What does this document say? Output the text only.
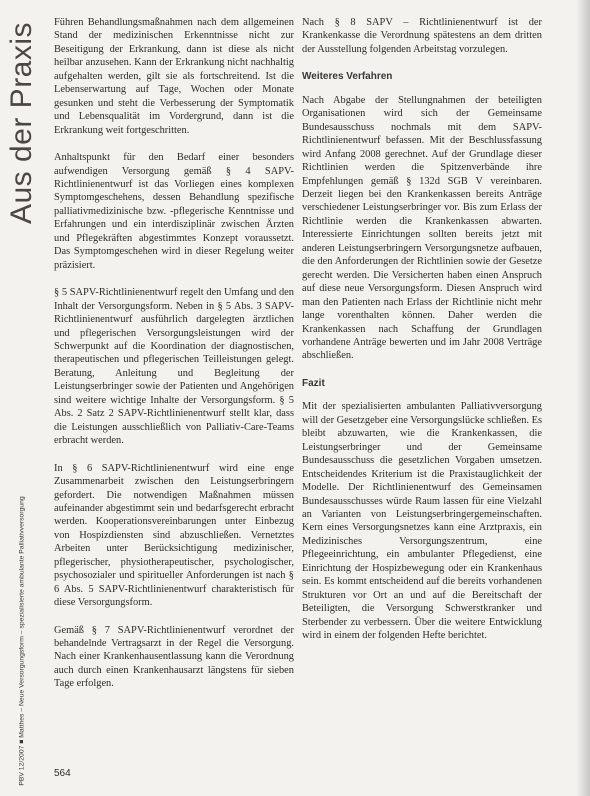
Aus der Praxis
PBV 12/2007 ■ Matthes – Neue Versorgungsform – spezialisierte ambulante Palliativversorgung

Führen Behandlungsmaßnahmen nach dem allgemeinen Stand der medizinischen Erkenntnisse nicht zur Beseitigung der Erkrankung, dann ist diese als nicht heilbar anzusehen. Kann der Erkrankung nicht nachhaltig aufgehalten werden, gilt sie als fortschreitend. Ist die Lebenserwartung auf Tage, Wochen oder Monate gesunken und steht die Verbesserung der Symptomatik und Lebensqualität im Vordergrund, dann ist die Erkrankung weit fortgeschritten.

Anhaltspunkt für den Bedarf einer besonders aufwendigen Versorgung gemäß § 4 SAPV-Richtlinienentwurf ist das Vorliegen eines komplexen Symptomgeschehens, dessen Behandlung spezifische palliativmedizinische bzw. -pflegerische Kenntnisse und Erfahrungen und ein interdisziplinär zwischen Ärzten und Pflegekräften abgestimmtes Konzept voraussetzt. Das Symptomgeschehen wird in dieser Regelung weiter präzisiert.

§ 5 SAPV-Richtlinienentwurf regelt den Umfang und den Inhalt der Versorgungsform. Neben in § 5 Abs. 3 SAPV-Richtlinienentwurf ausführlich dargelegten ärztlichen und pflegerischen Versorgungsleistungen wird der Schwerpunkt auf die Koordination der diagnostischen, therapeutischen und pflegerischen Teilleistungen gelegt. Beratung, Anleitung und Begleitung der Leistungserbringer sowie der Patienten und Angehörigen sind weitere wichtige Inhalte der Versorgungsform. § 5 Abs. 2 Satz 2 SAPV-Richtlinienentwurf stellt klar, dass die Leistungen ausschließlich von Palliativ-Care-Teams erbracht werden.

In § 6 SAPV-Richtlinienentwurf wird eine enge Zusammenarbeit zwischen den Leistungserbringern gefordert. Die notwendigen Maßnahmen müssen aufeinander abgestimmt sein und bedarfsgerecht erbracht werden. Kooperationsvereinbarungen unter Einbezug von Hospizdiensten sind abzuschließen. Vernetztes Arbeiten unter Berücksichtigung medizinischer, pflegerischer, physiotherapeutischer, psychologischer, psychosozialer und spiritueller Anforderungen ist nach § 6 Abs. 5 SAPV-Richtlinienentwurf charakteristisch für diese Versorgungsform.

Gemäß § 7 SAPV-Richtlinienentwurf verordnet der behandelnde Vertragsarzt in der Regel die Versorgung. Nach einer Krankenhausentlassung kann die Verordnung auch durch einen Krankenhausarzt längstens für sieben Tage erfolgen.

Nach § 8 SAPV – Richtlinienentwurf ist der Krankenkasse die Verordnung spätestens an dem dritten der Ausstellung folgenden Arbeitstag vorzulegen.

Weiteres Verfahren

Nach Abgabe der Stellungnahmen der beteiligten Organisationen wird sich der Gemeinsame Bundesausschuss nochmals mit dem SAPV-Richtlinienentwurf befassen. Mit der Beschlussfassung wird Anfang 2008 gerechnet. Auf der Grundlage dieser Richtlinien werden die Spitzenverbände ihre Empfehlungen gemäß § 132d SGB V vereinbaren. Derzeit liegen bei den Krankenkassen bereits Anträge verschiedener Leistungserbringer vor. Bis zum Erlass der Richtlinie werden die Krankenkassen abwarten. Interessierte Einrichtungen sollten bereits jetzt mit anderen Leistungserbringern Versorgungsnetze aufbauen, die den Anforderungen der Richtlinien sowie der Gesetze gerecht werden. Die Versicherten haben einen Anspruch auf diese neue Versorgungsform. Diesen Anspruch wird man den Patienten nach Erlass der Richtlinie nicht mehr lange vorenthalten können. Daher werden die Krankenkassen nach Schaffung der Grundlagen vorhandene Anträge bewerten und im Jahr 2008 Verträge abschließen.

Fazit

Mit der spezialisierten ambulanten Palliativversorgung will der Gesetzgeber eine Versorgungslücke schließen. Es bleibt abzuwarten, wie die Krankenkassen, die Leistungserbringer und der Gemeinsame Bundesausschuss die gesetzlichen Vorgaben umsetzen. Entscheidendes Kriterium ist die Praxistauglichkeit der Modelle. Der Richtlinienentwurf des Gemeinsamen Bundesausschusses würde Raum lassen für eine Vielzahl an Varianten von Leistungserbringergemeinschaften. Kern eines Versorgungsnetzes kann eine Arztpraxis, ein Medizinisches Versorgungszentrum, eine Pflegeeinrichtung, ein ambulanter Pflegedienst, eine Einrichtung der Hospizbewegung oder ein Krankenhaus sein. Es kommt entscheidend auf die bereits vorhandenen Strukturen vor Ort an und auf die Bereitschaft der Beteiligten, die Versorgung Schwerstkranker und Sterbender zu verbessern. Über die weitere Entwicklung wird in einem der folgenden Hefte berichtet.

564
